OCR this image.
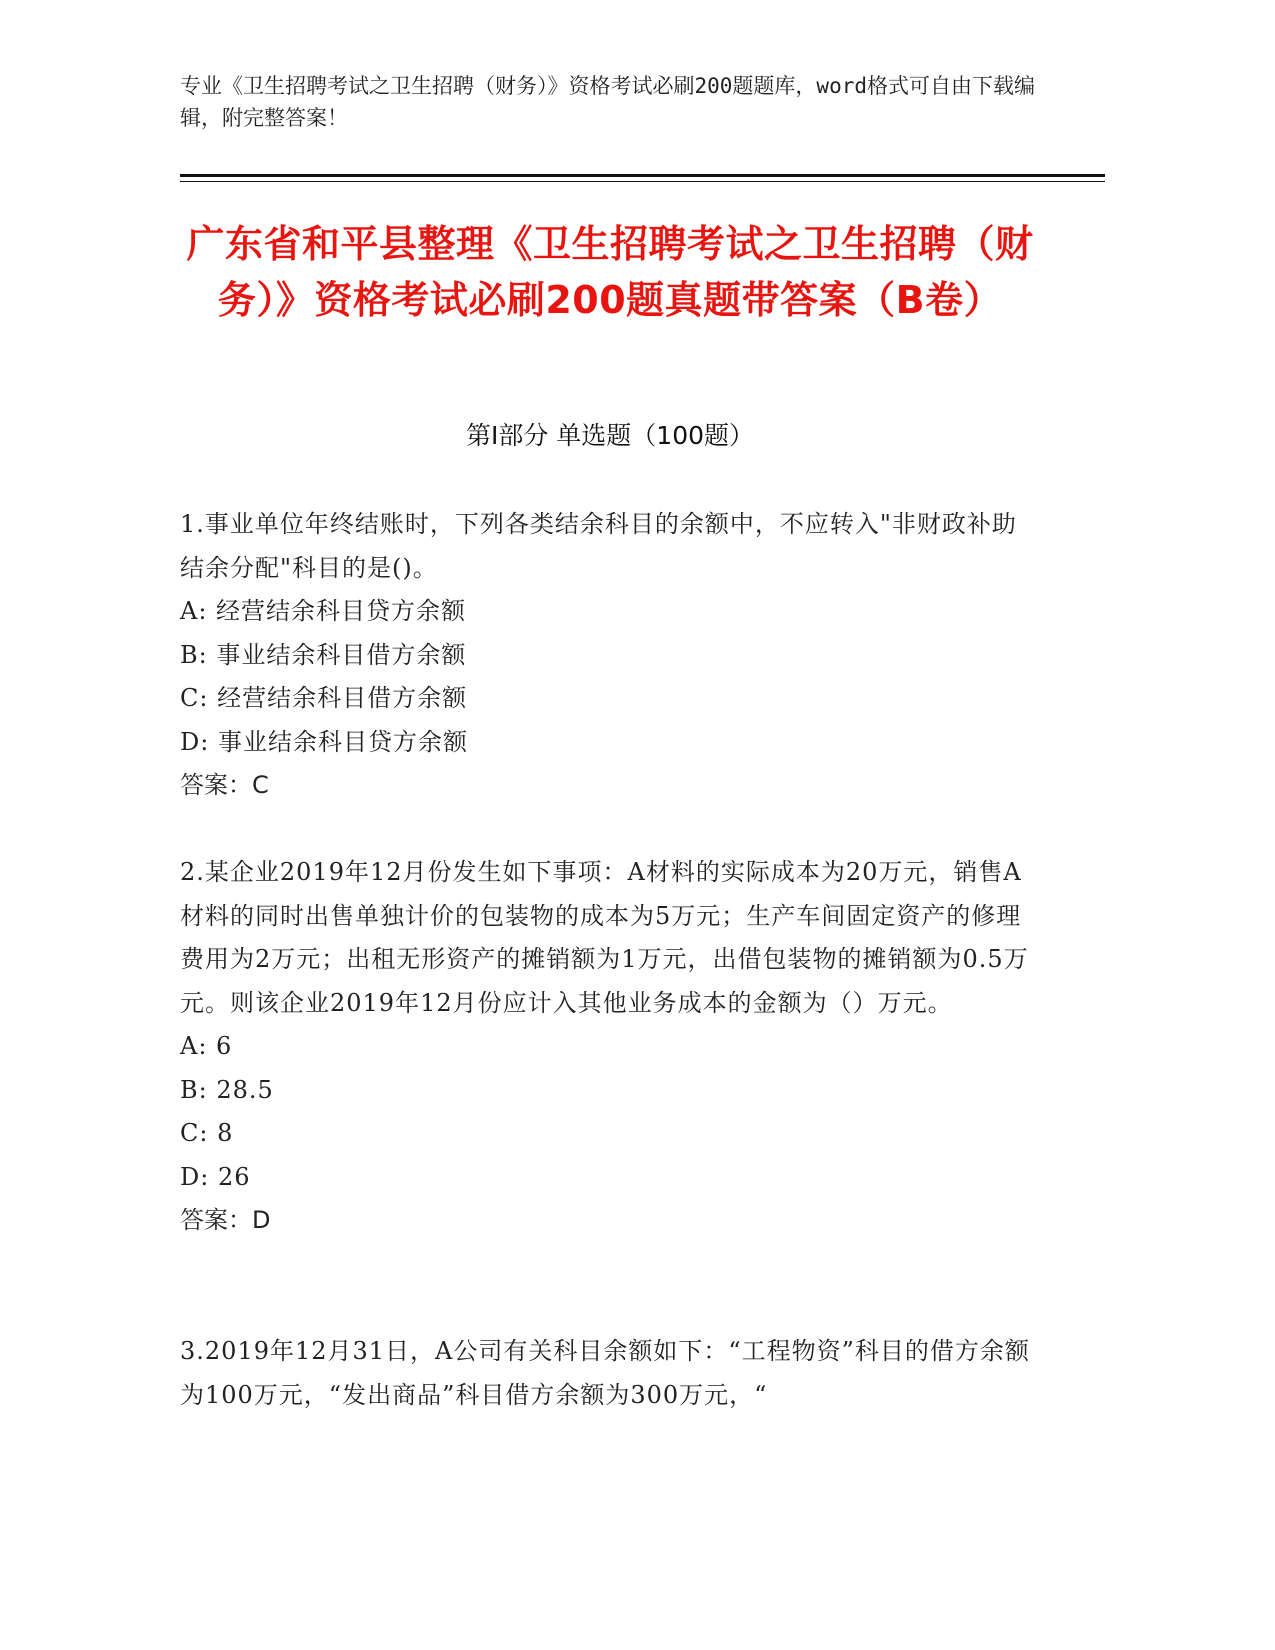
专业《卫生招聘考试之卫生招聘（财务）》资格考试必刷200题题库，word格式可自由下载编辑，附完整答案！
广东省和平县整理《卫生招聘考试之卫生招聘（财务）》资格考试必刷200题真题带答案（B卷）
第I部分 单选题（100题）

1.事业单位年终结账时，下列各类结余科目的余额中，不应转入"非财政补助结余分配"科目的是()。

A: 经营结余科目贷方余额

B: 事业结余科目借方余额

C: 经营结余科目借方余额

D: 事业结余科目贷方余额

答案：C

2.某企业2019年12月份发生如下事项：A材料的实际成本为20万元，销售A材料的同时出售单独计价的包装物的成本为5万元；生产车间固定资产的修理费用为2万元；出租无形资产的摊销额为1万元，出借包装物的摊销额为0.5万元。则该企业2019年12月份应计入其他业务成本的金额为（）万元。

A: 6

B: 28.5

C: 8

D: 26

答案：D

3.2019年12月31日，A公司有关科目余额如下：“工程物资”科目的借方余额为100万元，“发出商品”科目借方余额为300万元，“
